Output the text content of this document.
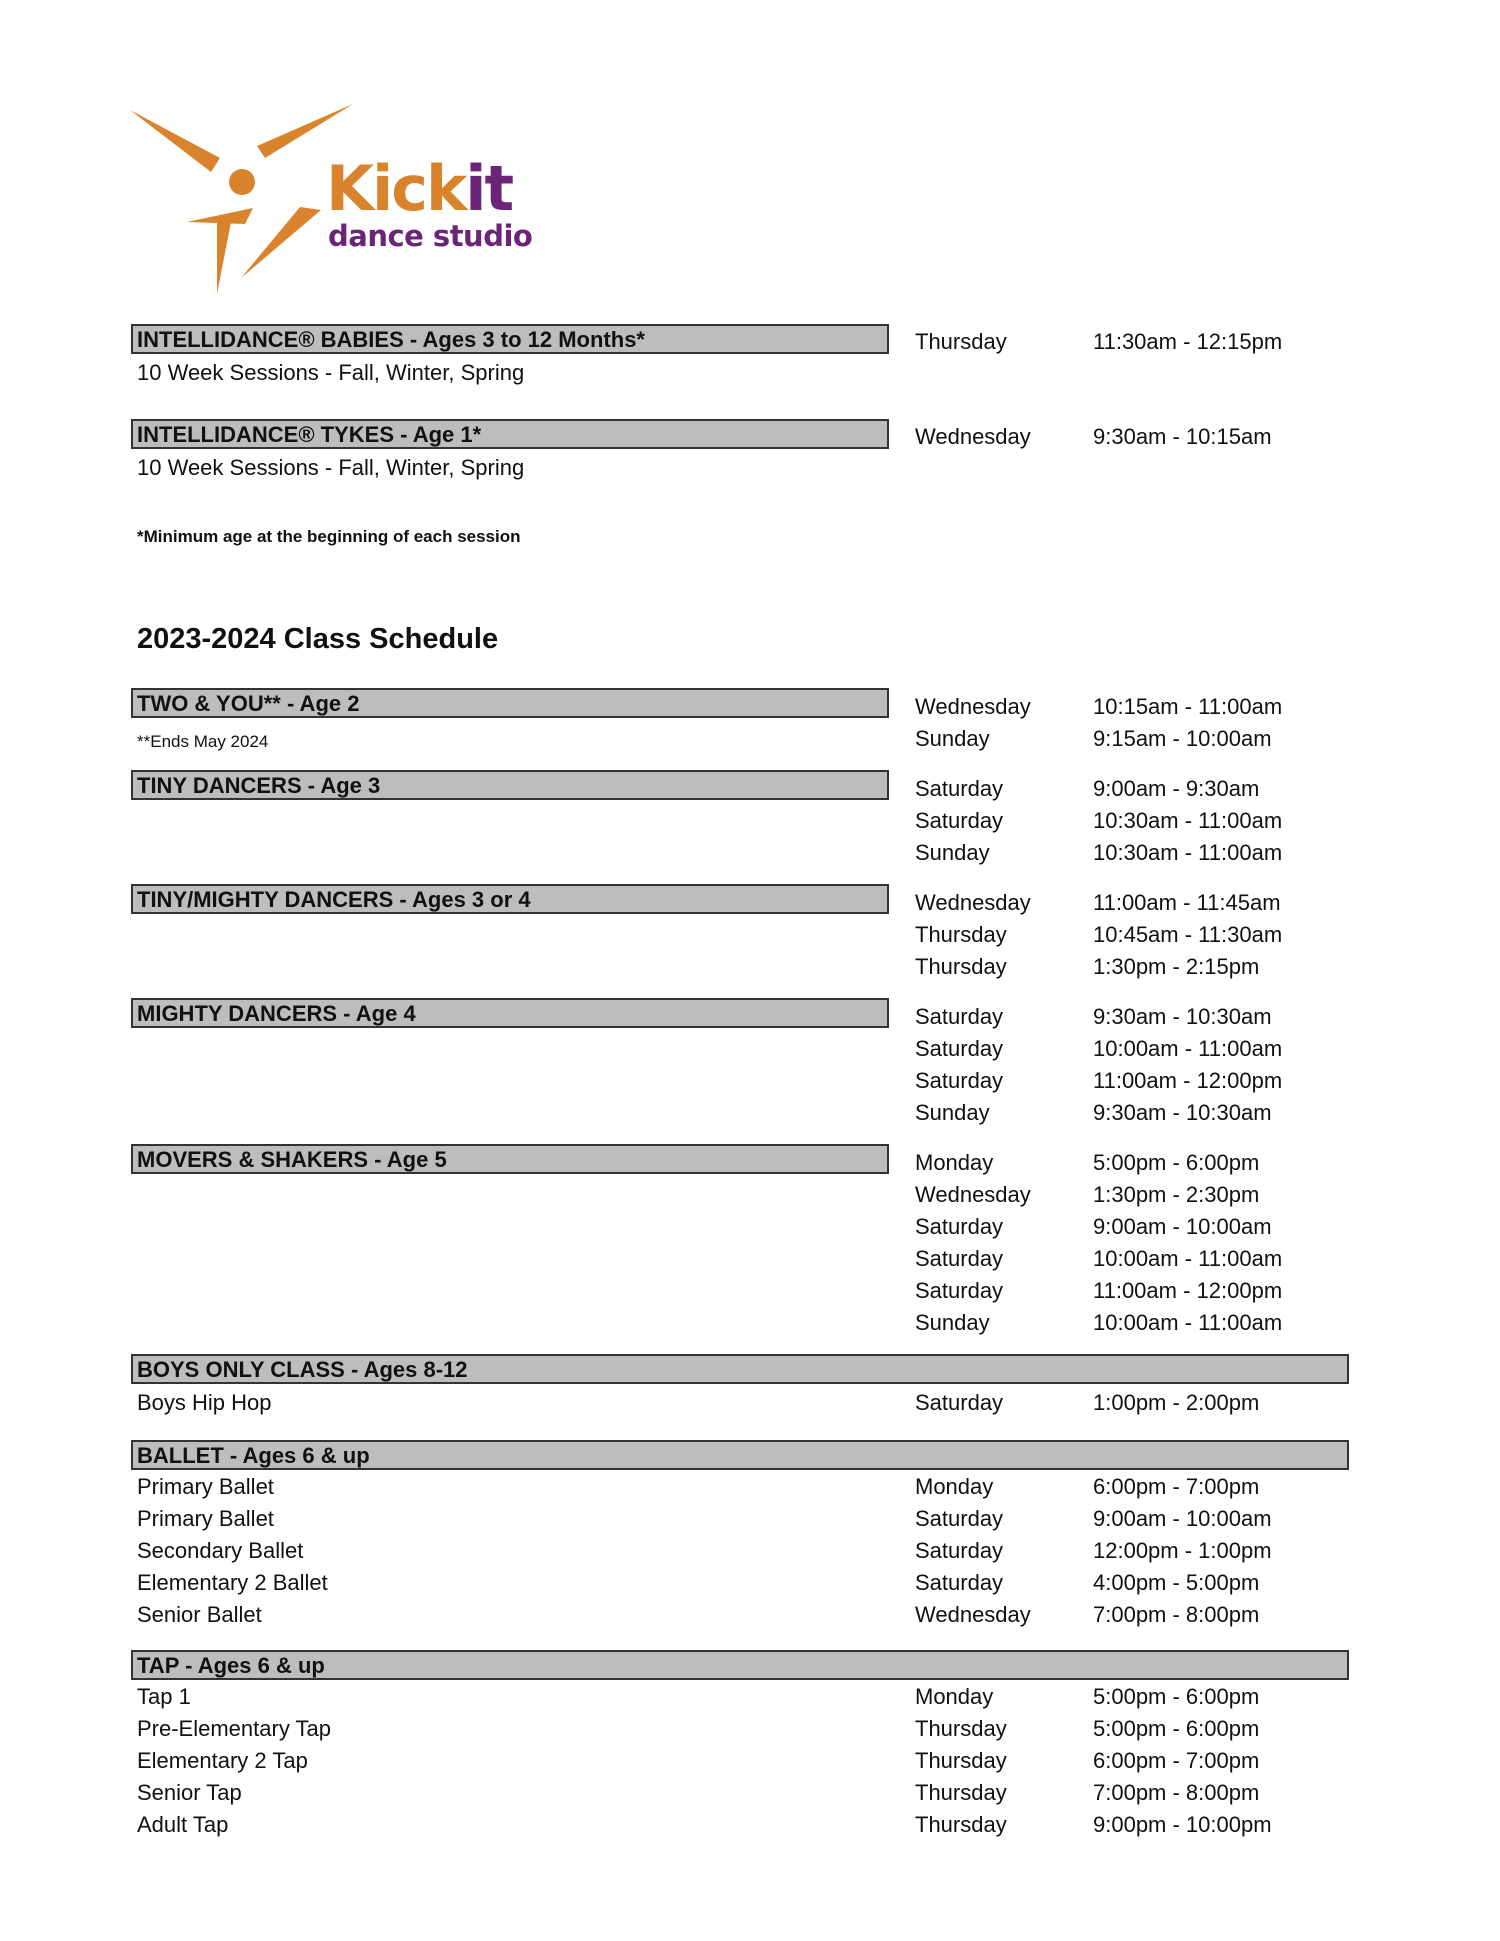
Kickit
dance studio
INTELLIDANCE® BABIES - Ages 3 to 12 Months*
10 Week Sessions - Fall, Winter, Spring
Thursday	11:30am - 12:15pm
INTELLIDANCE® TYKES - Age 1*
10 Week Sessions - Fall, Winter, Spring
Wednesday	9:30am - 10:15am
*Minimum age at the beginning of each session
2023-2024 Class Schedule
TWO & YOU** - Age 2
**Ends May 2024
Wednesday	10:15am - 11:00am
Sunday	9:15am - 10:00am
TINY DANCERS - Age 3	Saturday	9:00am - 9:30am
Saturday	10:30am - 11:00am
Sunday	10:30am - 11:00am
TINY/MIGHTY DANCERS - Ages 3 or 4	Wednesday	11:00am - 11:45am
Thursday	10:45am - 11:30am
Thursday	1:30pm - 2:15pm
MIGHTY DANCERS - Age 4	Saturday	9:30am - 10:30am
Saturday	10:00am - 11:00am
Saturday	11:00am - 12:00pm
Sunday	9:30am - 10:30am
MOVERS & SHAKERS - Age 5	Monday	5:00pm - 6:00pm
Wednesday	1:30pm - 2:30pm
Saturday	9:00am - 10:00am
Saturday	10:00am - 11:00am
Saturday	11:00am - 12:00pm
Sunday	10:00am - 11:00am
BOYS ONLY CLASS - Ages 8-12
Boys Hip Hop	Saturday	1:00pm - 2:00pm
BALLET - Ages 6 & up
Primary Ballet	Monday	6:00pm - 7:00pm
Primary Ballet	Saturday	9:00am - 10:00am
Secondary Ballet	Saturday	12:00pm - 1:00pm
Elementary 2 Ballet	Saturday	4:00pm - 5:00pm
Senior Ballet	Wednesday	7:00pm - 8:00pm
TAP - Ages 6 & up
Tap 1	Monday	5:00pm - 6:00pm
Pre-Elementary Tap	Thursday	5:00pm - 6:00pm
Elementary 2 Tap	Thursday	6:00pm - 7:00pm
Senior Tap	Thursday	7:00pm - 8:00pm
Adult Tap	Thursday	9:00pm - 10:00pm
